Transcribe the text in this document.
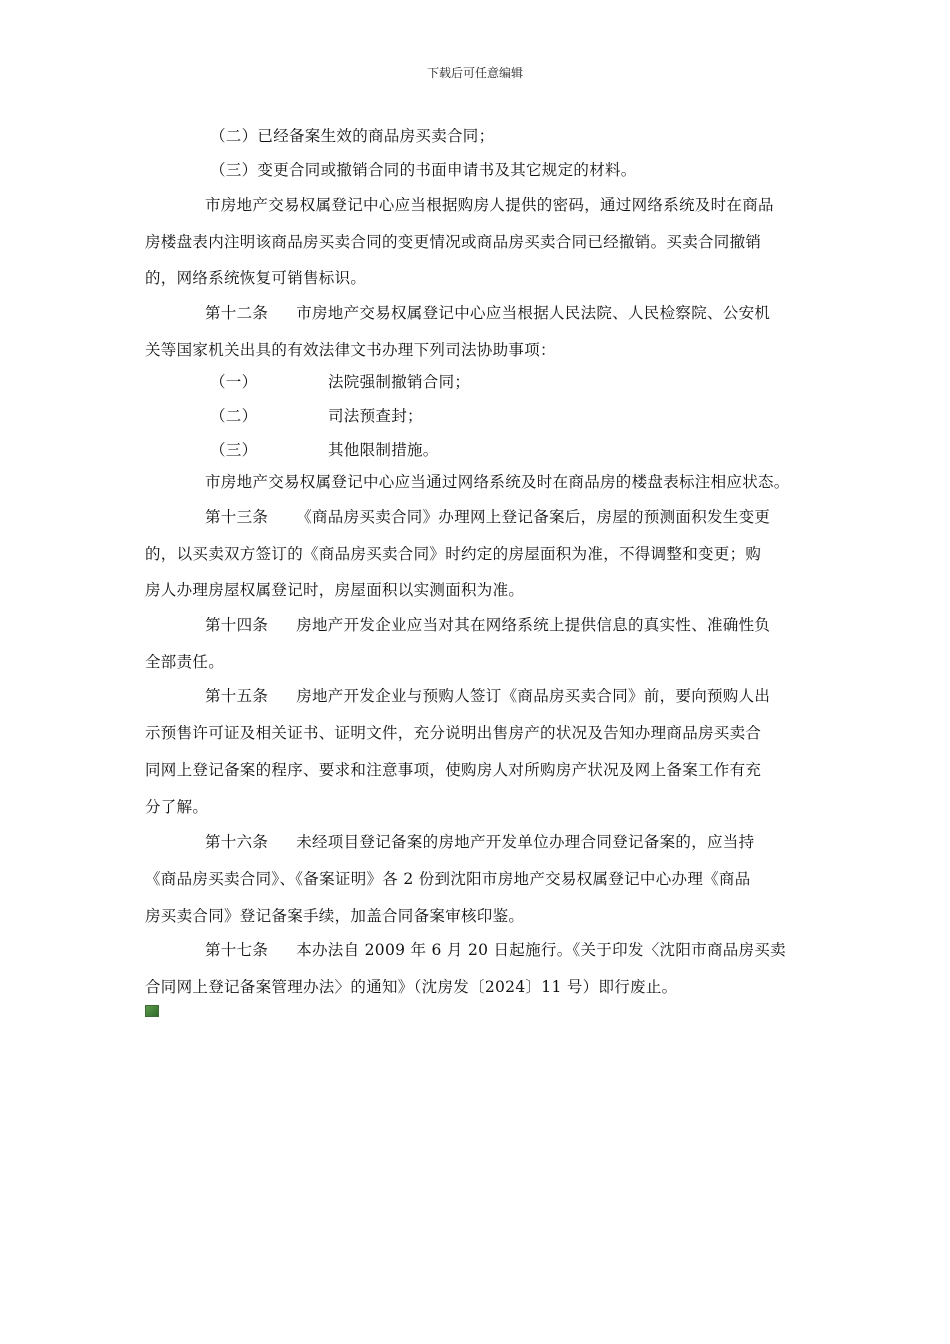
下载后可任意编辑
（二）已经备案生效的商品房买卖合同；
（三）变更合同或撤销合同的书面申请书及其它规定的材料。
市房地产交易权属登记中心应当根据购房人提供的密码，通过网络系统及时在商品
房楼盘表内注明该商品房买卖合同的变更情况或商品房买卖合同已经撤销。买卖合同撤销
的，网络系统恢复可销售标识。
第十二条 市房地产交易权属登记中心应当根据人民法院、人民检察院、公安机
关等国家机关出具的有效法律文书办理下列司法协助事项：
（一）	法院强制撤销合同；
（二）	司法预查封；
（三）	其他限制措施。
市房地产交易权属登记中心应当通过网络系统及时在商品房的楼盘表标注相应状态。
第十三条 《商品房买卖合同》办理网上登记备案后，房屋的预测面积发生变更
的，以买卖双方签订的《商品房买卖合同》时约定的房屋面积为准，不得调整和变更；购
房人办理房屋权属登记时，房屋面积以实测面积为准。
第十四条 房地产开发企业应当对其在网络系统上提供信息的真实性、准确性负
全部责任。
第十五条 房地产开发企业与预购人签订《商品房买卖合同》前，要向预购人出
示预售许可证及相关证书、证明文件，充分说明出售房产的状况及告知办理商品房买卖合
同网上登记备案的程序、要求和注意事项，使购房人对所购房产状况及网上备案工作有充
分了解。
第十六条 未经项目登记备案的房地产开发单位办理合同登记备案的，应当持
《商品房买卖合同》、《备案证明》各 2 份到沈阳市房地产交易权属登记中心办理《商品
房买卖合同》登记备案手续，加盖合同备案审核印鉴。
第十七条 本办法自 2009 年 6 月 20 日起施行。《关于印发〈沈阳市商品房买卖
合同网上登记备案管理办法〉的通知》（沈房发〔2024〕11 号）即行废止。
